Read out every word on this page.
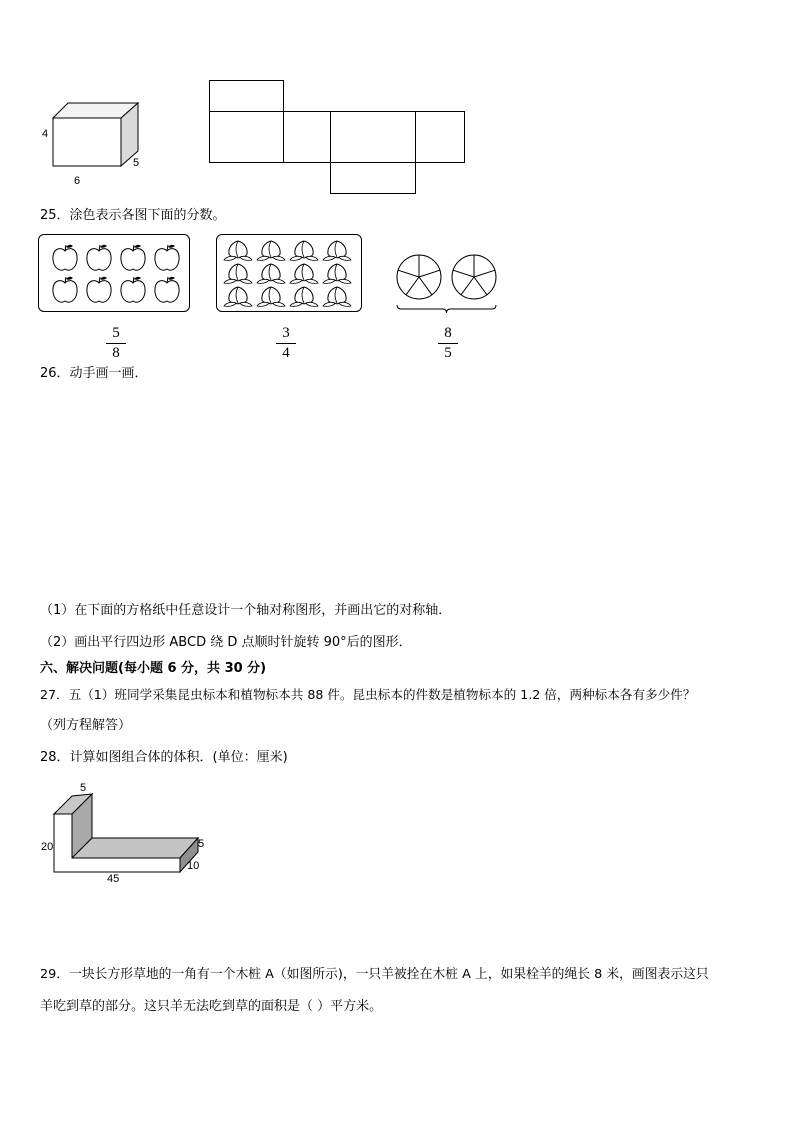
4
5
6
25．涂色表示各图下面的分数。
5
8
3
4
8
5
26．动手画一画．
（1）在下面的方格纸中任意设计一个轴对称图形，并画出它的对称轴．
（2）画出平行四边形 ABCD 绕 D 点顺时针旋转 90°后的图形．
六、解决问题(每小题 6 分，共 30 分)
27．五（1）班同学采集昆虫标本和植物标本共 88 件。昆虫标本的件数是植物标本的 1.2 倍，两种标本各有多少件？
（列方程解答）
28．计算如图组合体的体积．(单位：厘米)
5
20	5
10
45
29．一块长方形草地的一角有一个木桩 A（如图所示)，一只羊被拴在木桩 A 上，如果栓羊的绳长 8 米，画图表示这只
羊吃到草的部分。这只羊无法吃到草的面积是（ ）平方米。
